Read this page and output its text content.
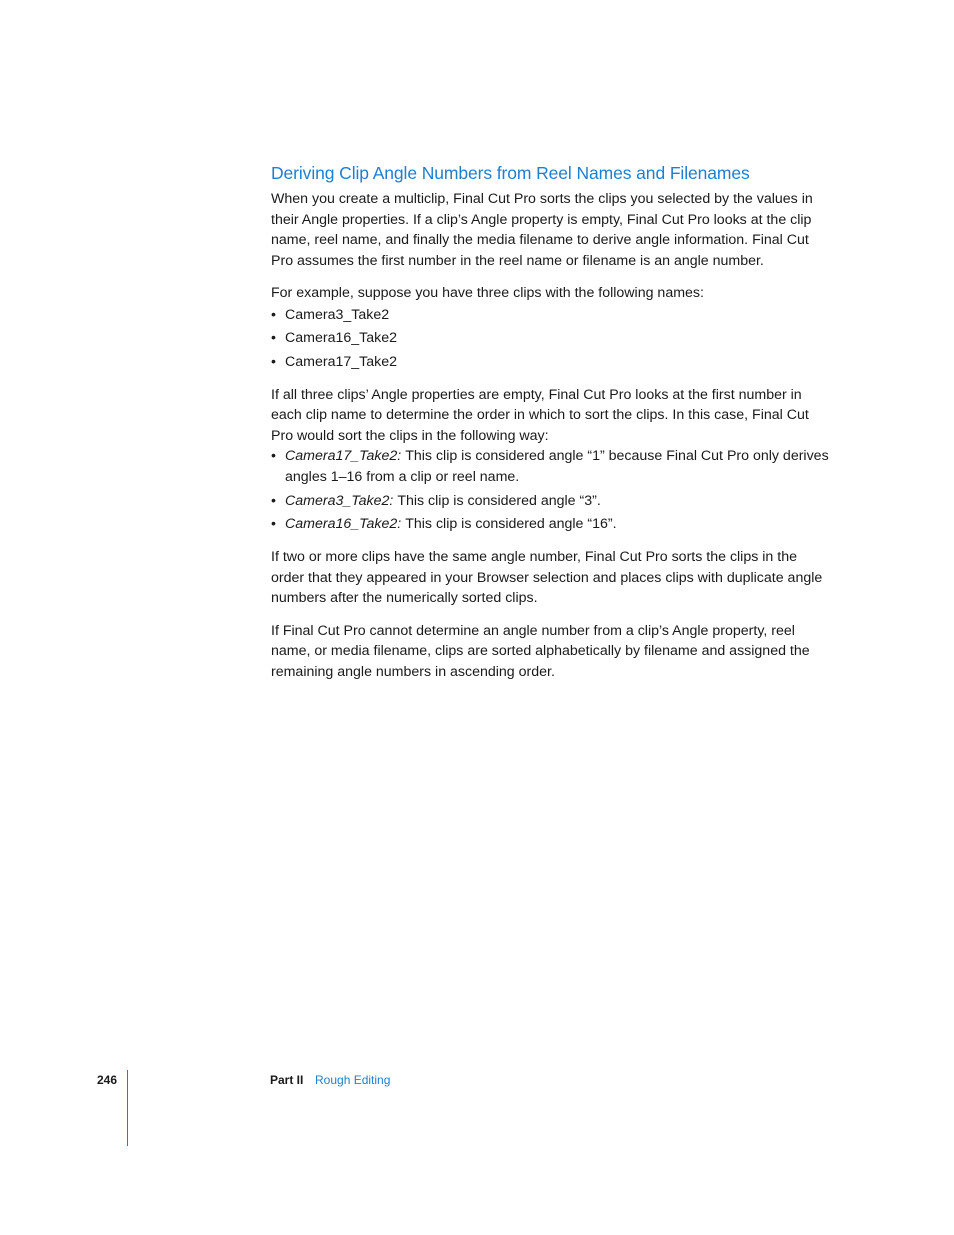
Deriving Clip Angle Numbers from Reel Names and Filenames

When you create a multiclip, Final Cut Pro sorts the clips you selected by the values in their Angle properties. If a clip’s Angle property is empty, Final Cut Pro looks at the clip name, reel name, and finally the media filename to derive angle information. Final Cut Pro assumes the first number in the reel name or filename is an angle number.

For example, suppose you have three clips with the following names:

• Camera3_Take2
• Camera16_Take2
• Camera17_Take2

If all three clips’ Angle properties are empty, Final Cut Pro looks at the first number in each clip name to determine the order in which to sort the clips. In this case, Final Cut Pro would sort the clips in the following way:

• Camera17_Take2: This clip is considered angle “1” because Final Cut Pro only derives angles 1–16 from a clip or reel name.
• Camera3_Take2: This clip is considered angle “3”.
• Camera16_Take2: This clip is considered angle “16”.

If two or more clips have the same angle number, Final Cut Pro sorts the clips in the order that they appeared in your Browser selection and places clips with duplicate angle numbers after the numerically sorted clips.

If Final Cut Pro cannot determine an angle number from a clip’s Angle property, reel name, or media filename, clips are sorted alphabetically by filename and assigned the remaining angle numbers in ascending order.

246	Part II Rough Editing
